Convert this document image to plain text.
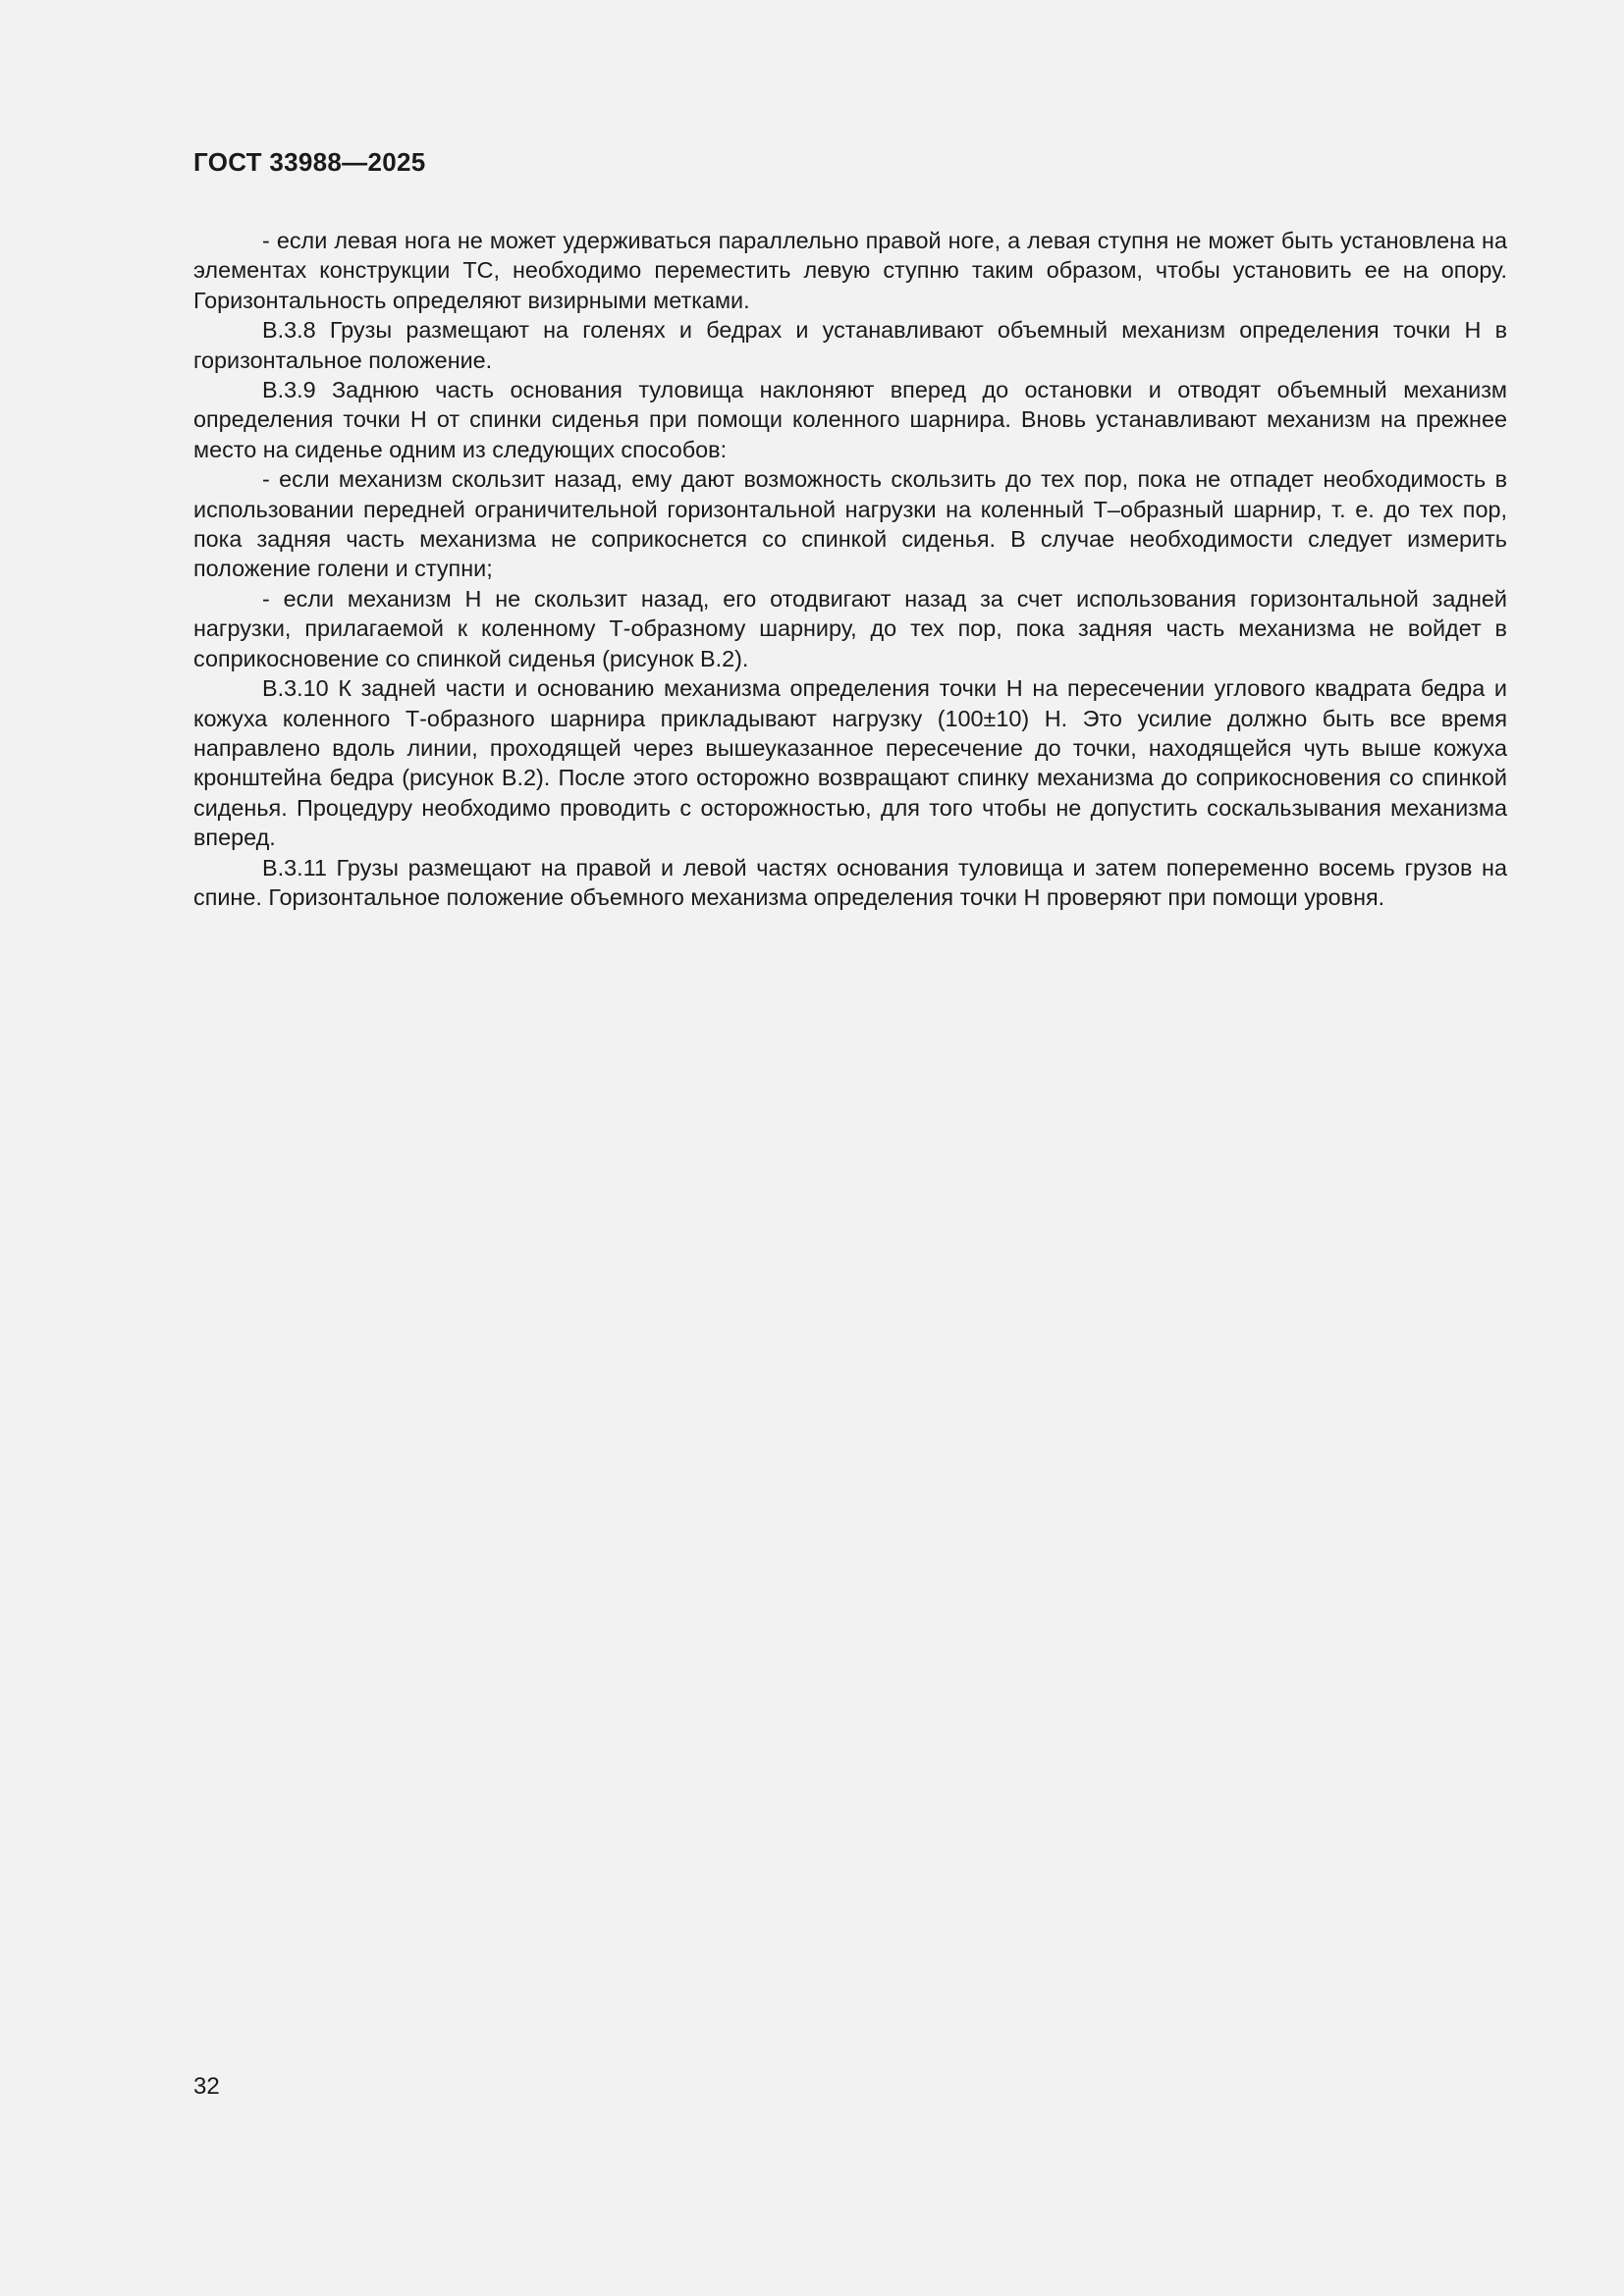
ГОСТ 33988—2025

- если левая нога не может удерживаться параллельно правой ноге, а левая ступня не может быть установлена на элементах конструкции ТС, необходимо переместить левую ступню таким образом, чтобы установить ее на опору. Горизонтальность определяют визирными метками.

В.3.8 Грузы размещают на голенях и бедрах и устанавливают объемный механизм определения точки H в горизонтальное положение.

В.3.9 Заднюю часть основания туловища наклоняют вперед до остановки и отводят объемный механизм определения точки H от спинки сиденья при помощи коленного шарнира. Вновь устанавливают механизм на прежнее место на сиденье одним из следующих способов:

- если механизм скользит назад, ему дают возможность скользить до тех пор, пока не отпадет необходимость в использовании передней ограничительной горизонтальной нагрузки на коленный Т–образный шарнир, т. е. до тех пор, пока задняя часть механизма не соприкоснется со спинкой сиденья. В случае необходимости следует измерить положение голени и ступни;

- если механизм H не скользит назад, его отодвигают назад за счет использования горизонтальной задней нагрузки, прилагаемой к коленному Т-образному шарниру, до тех пор, пока задняя часть механизма не войдет в соприкосновение со спинкой сиденья (рисунок В.2).

В.3.10 К задней части и основанию механизма определения точки H на пересечении углового квадрата бедра и кожуха коленного Т-образного шарнира прикладывают нагрузку (100±10) Н. Это усилие должно быть все время направлено вдоль линии, проходящей через вышеуказанное пересечение до точки, находящейся чуть выше кожуха кронштейна бедра (рисунок В.2). После этого осторожно возвращают спинку механизма до соприкосновения со спинкой сиденья. Процедуру необходимо проводить с осторожностью, для того чтобы не допустить соскальзывания механизма вперед.

В.3.11 Грузы размещают на правой и левой частях основания туловища и затем попеременно восемь грузов на спине. Горизонтальное положение объемного механизма определения точки H проверяют при помощи уровня.

32
